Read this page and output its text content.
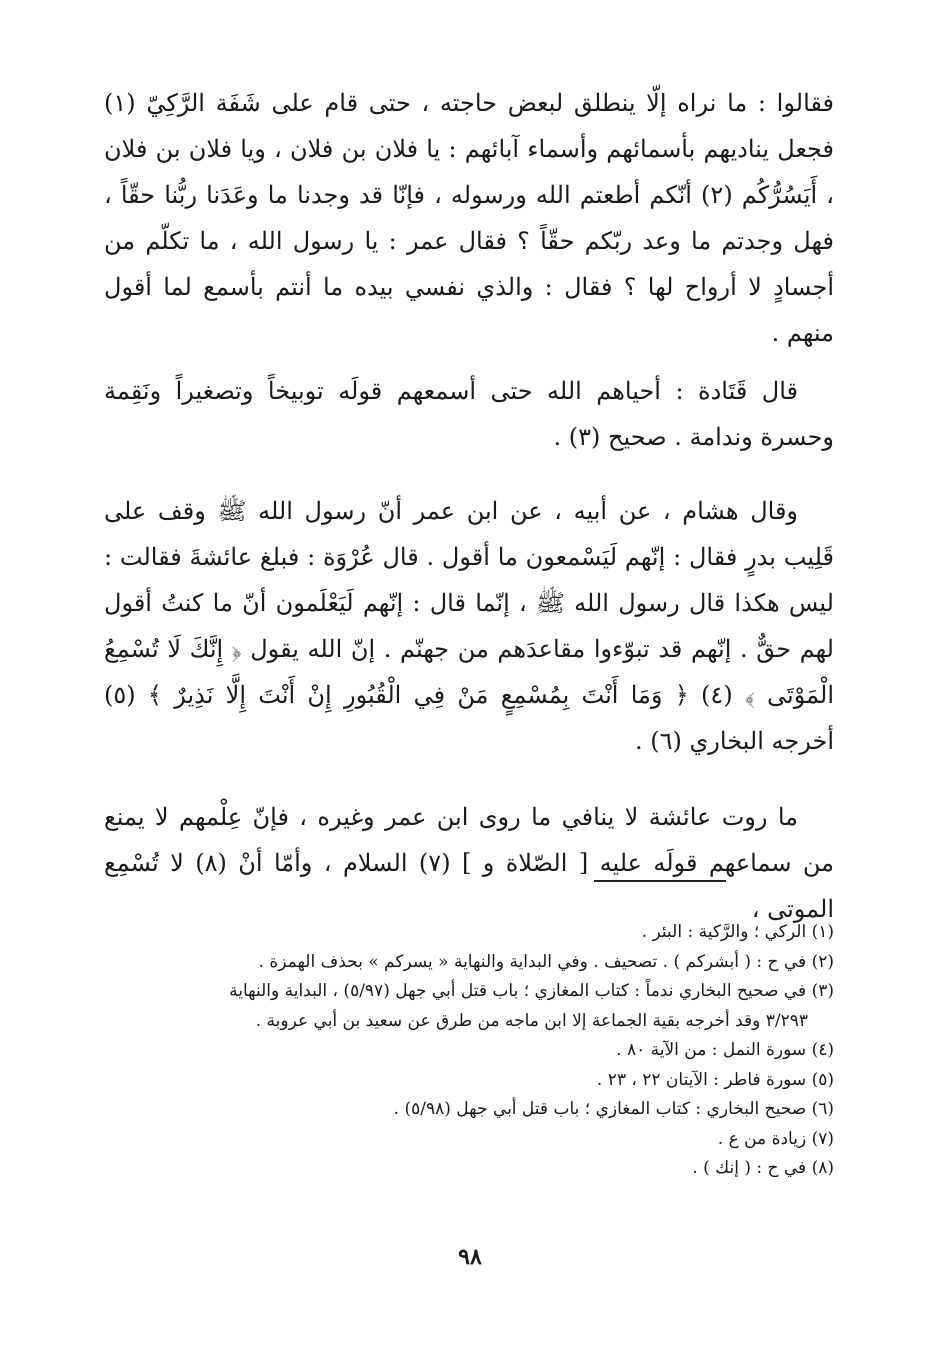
فقالوا : ما نراه إلّا ينطلق لبعض حاجته ، حتى قام على شَفَة الرَّكِيّ (١) فجعل يناديهم بأسمائهم وأسماء آبائهم : يا فلان بن فلان ، ويا فلان بن فلان ، أَيَسُرُّكُم (٢) أنّكم أطعتم الله ورسوله ، فإنّا قد وجدنا ما وعَدَنا ربُّنا حقّاً ، فهل وجدتم ما وعد ربّكم حقّاً ؟ فقال عمر : يا رسول الله ، ما تكلّم من أجسادٍ لا أرواح لها ؟ فقال : والذي نفسي بيده ما أنتم بأسمع لما أقول منهم .

قال قَتَادة : أحياهم الله حتى أسمعهم قولَه توبيخاً وتصغيراً ونَقِمة وحسرة وندامة . صحيح (٣) .

وقال هشام ، عن أبيه ، عن ابن عمر أنّ رسول الله ﷺ وقف على قَلِيب بدرٍ فقال : إنّهم لَيَسْمعون ما أقول . قال عُرْوَة : فبلغ عائشةَ فقالت : ليس هكذا قال رسول الله ﷺ ، إنّما قال : إنّهم لَيَعْلَمون أنّ ما كنتُ أقول لهم حقٌّ . إنّهم قد تبوّءوا مقاعدَهم من جهنّم . إنّ الله يقول ﴿ إِنَّكَ لَا تُسْمِعُ الْمَوْتَى ﴾ (٤) ﴿ وَمَا أَنْتَ بِمُسْمِعٍ مَنْ فِي الْقُبُورِ إِنْ أَنْتَ إِلَّا نَذِيرٌ ﴾ (٥) أخرجه البخاري (٦) .

ما روت عائشة لا ينافي ما روى ابن عمر وغيره ، فإنّ عِلْمهم لا يمنع من سماعهم قولَه عليه [ الصّلاة و ] (٧) السلام ، وأمّا أنْ (٨) لا تُسْمِع الموتى ،

(١) الركي ؛ والرَّكية : البئر .

(٢) في ح : ( أبشركم ) . تصحيف . وفي البداية والنهاية « يسركم » بحذف الهمزة .

(٣) في صحيح البخاري ندماً : كتاب المغازي ؛ باب قتل أبي جهل (٥/٩٧) ، البداية والنهاية

٣/٢٩٣ وقد أخرجه بقية الجماعة إلا ابن ماجه من طرق عن سعيد بن أبي عروبة .

(٤) سورة النمل : من الآية ٨٠ .

(٥) سورة فاطر : الآيتان ٢٢ ، ٢٣ .

(٦) صحيح البخاري : كتاب المغازي ؛ باب قتل أبي جهل (٥/٩٨) .

(٧) زيادة من ع .

(٨) في ح : ( إنك ) .

٩٨
